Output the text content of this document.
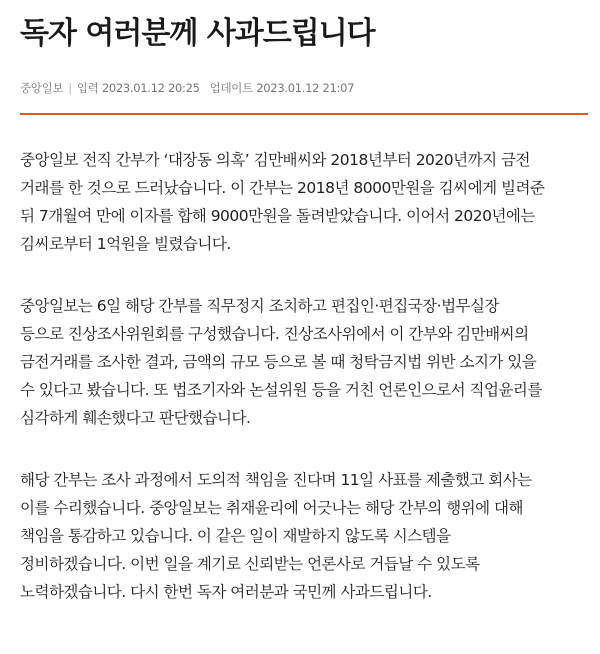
독자 여러분께 사과드립니다
중앙일보 | 입력 2023.01.12 20:25 업데이트 2023.01.12 21:07

중앙일보 전직 간부가 ‘대장동 의혹’ 김만배씨와 2018년부터 2020년까지 금전
거래를 한 것으로 드러났습니다. 이 간부는 2018년 8000만원을 김씨에게 빌려준
뒤 7개월여 만에 이자를 합해 9000만원을 돌려받았습니다. 이어서 2020년에는
김씨로부터 1억원을 빌렸습니다.

중앙일보는 6일 해당 간부를 직무정지 조치하고 편집인·편집국장·법무실장
등으로 진상조사위원회를 구성했습니다. 진상조사위에서 이 간부와 김만배씨의
금전거래를 조사한 결과, 금액의 규모 등으로 볼 때 청탁금지법 위반 소지가 있을
수 있다고 봤습니다. 또 법조기자와 논설위원 등을 거친 언론인으로서 직업윤리를
심각하게 훼손했다고 판단했습니다.

해당 간부는 조사 과정에서 도의적 책임을 진다며 11일 사표를 제출했고 회사는
이를 수리했습니다. 중앙일보는 취재윤리에 어긋나는 해당 간부의 행위에 대해
책임을 통감하고 있습니다. 이 같은 일이 재발하지 않도록 시스템을
정비하겠습니다. 이번 일을 계기로 신뢰받는 언론사로 거듭날 수 있도록
노력하겠습니다. 다시 한번 독자 여러분과 국민께 사과드립니다.
